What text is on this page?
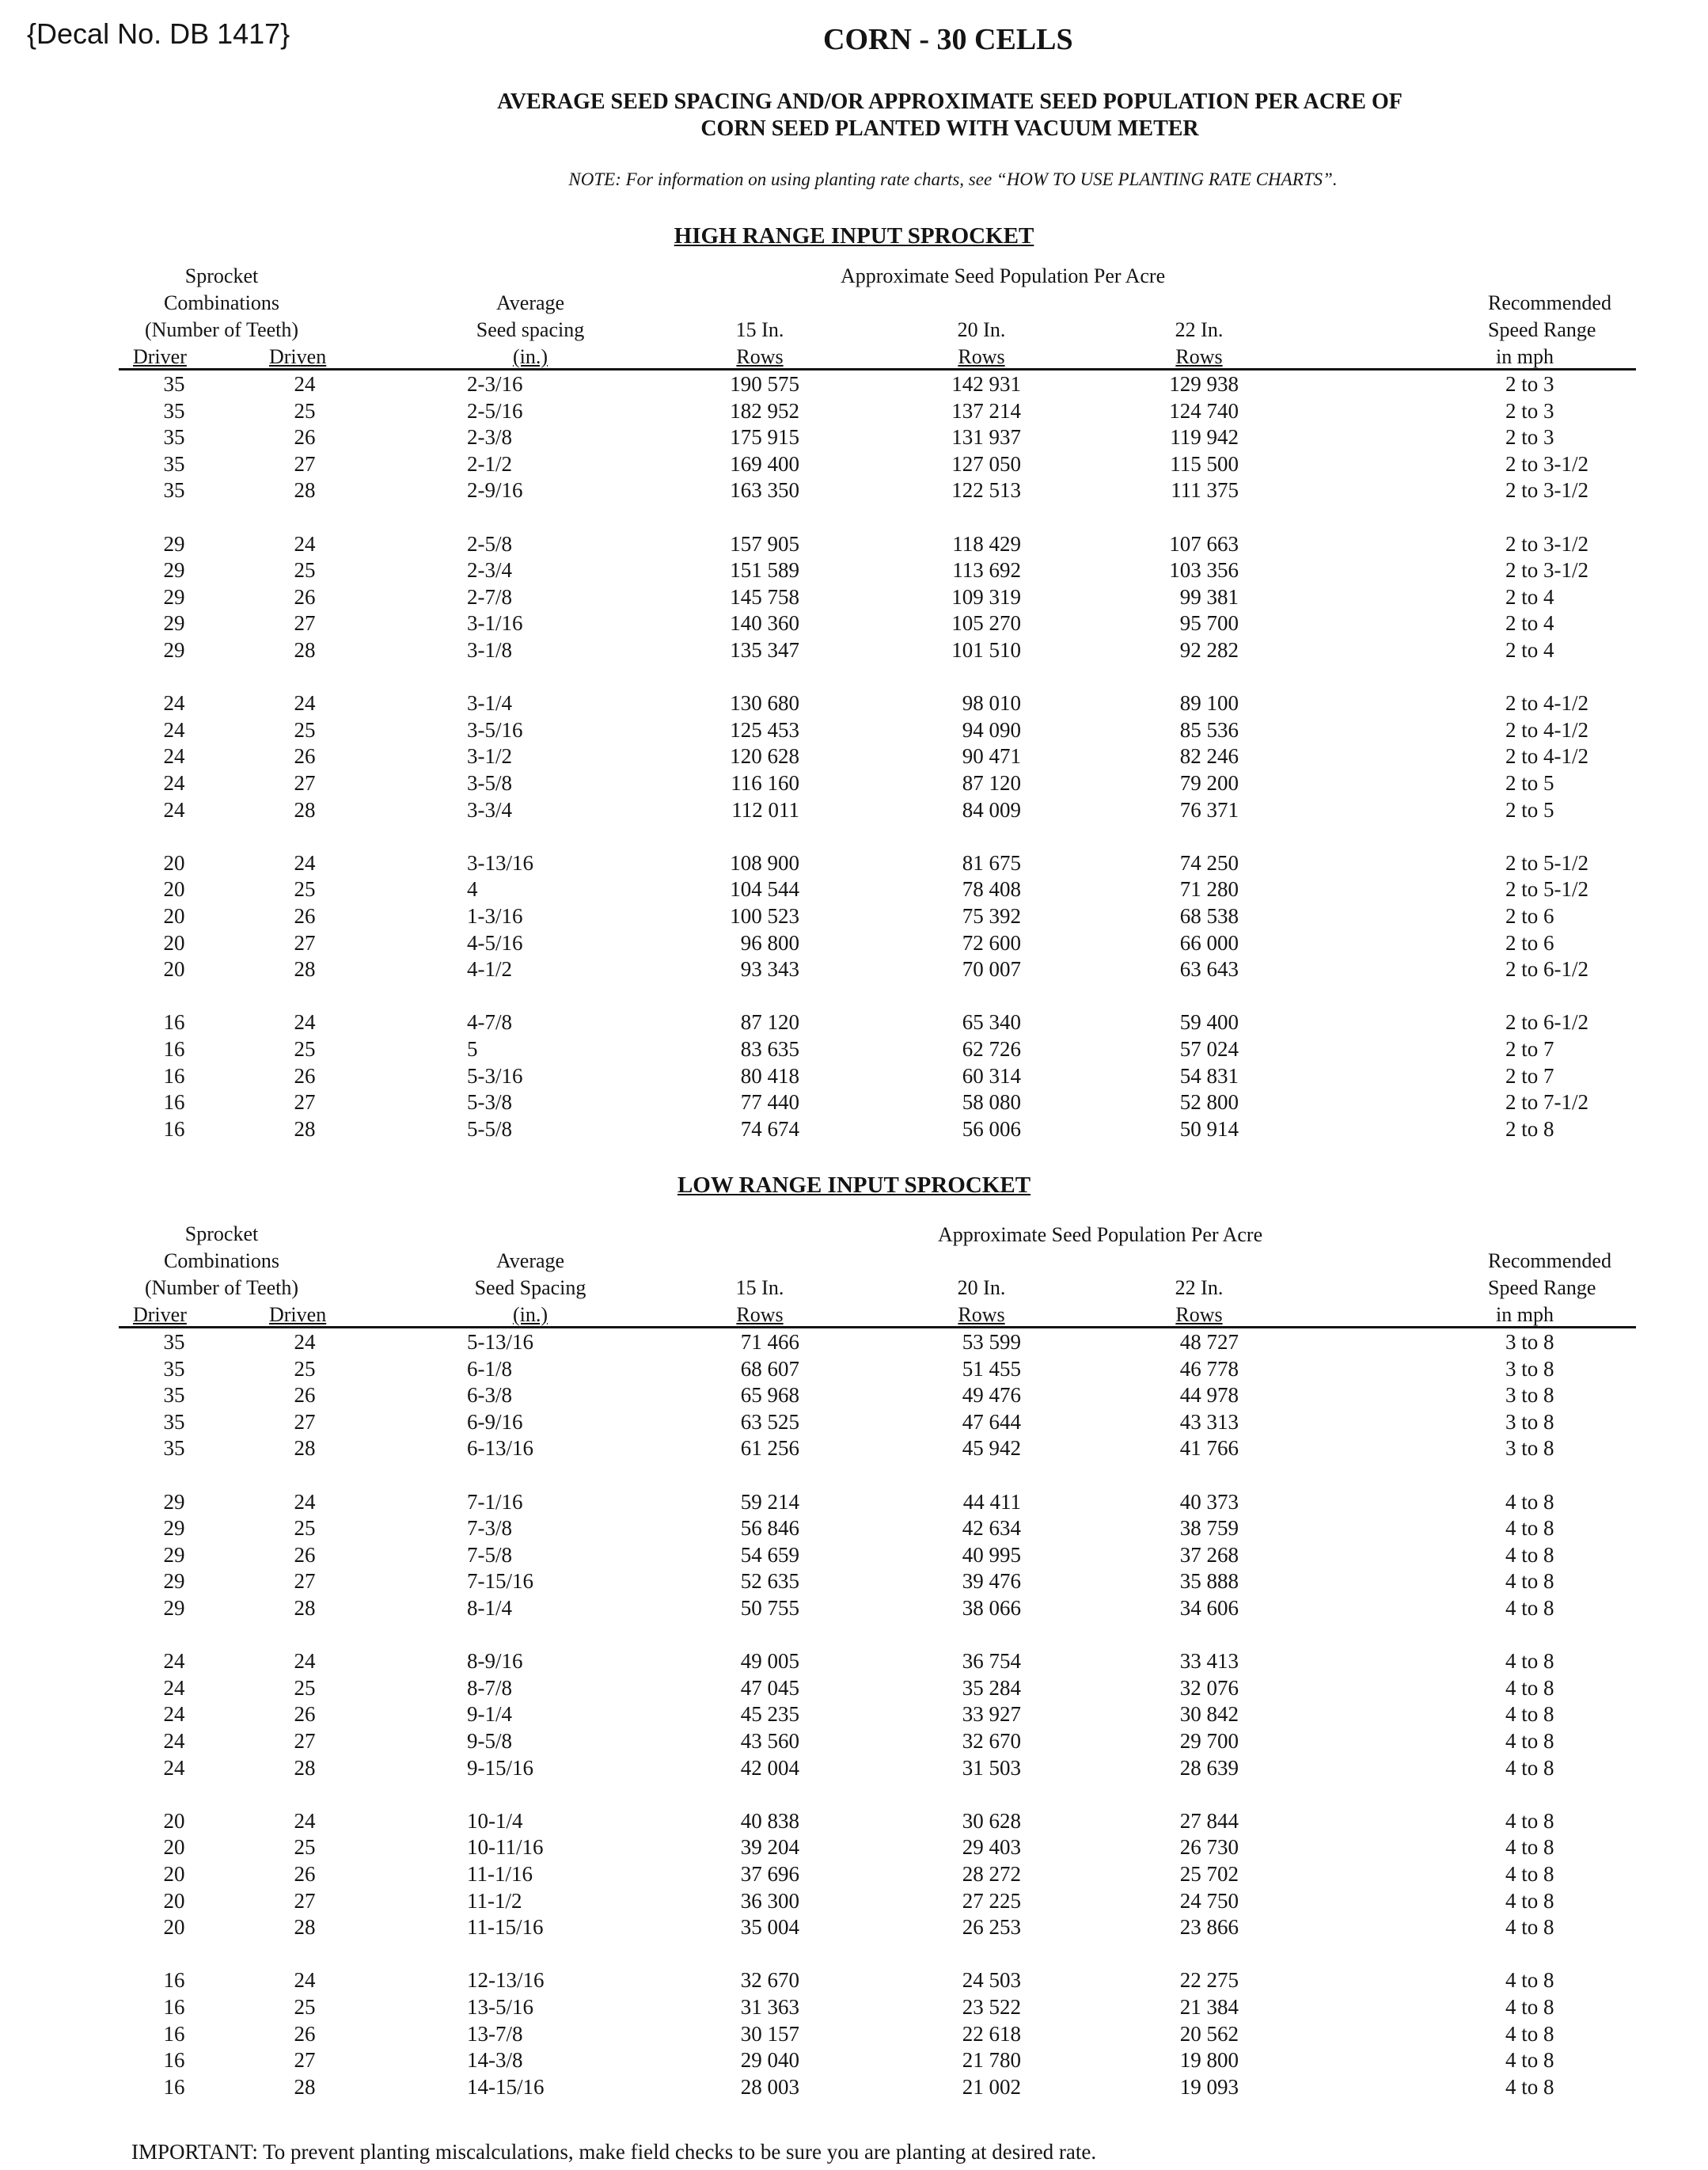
{Decal No. DB 1417}	CORN - 30 CELLS
AVERAGE SEED SPACING AND/OR APPROXIMATE SEED POPULATION PER ACRE OF
CORN SEED PLANTED WITH VACUUM METER
NOTE: For information on using planting rate charts, see “HOW TO USE PLANTING RATE CHARTS”.
HIGH RANGE INPUT SPROCKET
Approximate Seed Population Per Acre
Sprocket
Combinations
(Number of Teeth)
Driver	Driven
Average
Seed spacing
(in.)
15 In.
Rows
20 In.
Rows
22 In.
Rows
Recommended
Speed Range
in mph
35	24	2-3/16	190 575	142 931	129 938	2 to 3
35	25	2-5/16	182 952	137 214	124 740	2 to 3
35	26	2-3/8	175 915	131 937	119 942	2 to 3
35	27	2-1/2	169 400	127 050	115 500	2 to 3-1/2
35	28	2-9/16	163 350	122 513	111 375	2 to 3-1/2
29	24	2-5/8	157 905	118 429	107 663	2 to 3-1/2
29	25	2-3/4	151 589	113 692	103 356	2 to 3-1/2
29	26	2-7/8	145 758	109 319	99 381	2 to 4
29	27	3-1/16	140 360	105 270	95 700	2 to 4
29	28	3-1/8	135 347	101 510	92 282	2 to 4
24	24	3-1/4	130 680	98 010	89 100	2 to 4-1/2
24	25	3-5/16	125 453	94 090	85 536	2 to 4-1/2
24	26	3-1/2	120 628	90 471	82 246	2 to 4-1/2
24	27	3-5/8	116 160	87 120	79 200	2 to 5
24	28	3-3/4	112 011	84 009	76 371	2 to 5
20	24	3-13/16	108 900	81 675	74 250	2 to 5-1/2
20	25	4	104 544	78 408	71 280	2 to 5-1/2
20	26	1-3/16	100 523	75 392	68 538	2 to 6
20	27	4-5/16	96 800	72 600	66 000	2 to 6
20	28	4-1/2	93 343	70 007	63 643	2 to 6-1/2
16	24	4-7/8	87 120	65 340	59 400	2 to 6-1/2
16	25	5	83 635	62 726	57 024	2 to 7
16	26	5-3/16	80 418	60 314	54 831	2 to 7
16	27	5-3/8	77 440	58 080	52 800	2 to 7-1/2
16	28	5-5/8	74 674	56 006	50 914	2 to 8
LOW RANGE INPUT SPROCKET
Approximate Seed Population Per Acre
Sprocket
Combinations
(Number of Teeth)
Driver	Driven
Average
Seed Spacing
(in.)
15 In.
Rows
20 In.
Rows
22 In.
Rows
Recommended
Speed Range
in mph
35	24	5-13/16	71 466	53 599	48 727	3 to 8
35	25	6-1/8	68 607	51 455	46 778	3 to 8
35	26	6-3/8	65 968	49 476	44 978	3 to 8
35	27	6-9/16	63 525	47 644	43 313	3 to 8
35	28	6-13/16	61 256	45 942	41 766	3 to 8
29	24	7-1/16	59 214	44 411	40 373	4 to 8
29	25	7-3/8	56 846	42 634	38 759	4 to 8
29	26	7-5/8	54 659	40 995	37 268	4 to 8
29	27	7-15/16	52 635	39 476	35 888	4 to 8
29	28	8-1/4	50 755	38 066	34 606	4 to 8
24	24	8-9/16	49 005	36 754	33 413	4 to 8
24	25	8-7/8	47 045	35 284	32 076	4 to 8
24	26	9-1/4	45 235	33 927	30 842	4 to 8
24	27	9-5/8	43 560	32 670	29 700	4 to 8
24	28	9-15/16	42 004	31 503	28 639	4 to 8
20	24	10-1/4	40 838	30 628	27 844	4 to 8
20	25	10-11/16	39 204	29 403	26 730	4 to 8
20	26	11-1/16	37 696	28 272	25 702	4 to 8
20	27	11-1/2	36 300	27 225	24 750	4 to 8
20	28	11-15/16	35 004	26 253	23 866	4 to 8
16	24	12-13/16	32 670	24 503	22 275	4 to 8
16	25	13-5/16	31 363	23 522	21 384	4 to 8
16	26	13-7/8	30 157	22 618	20 562	4 to 8
16	27	14-3/8	29 040	21 780	19 800	4 to 8
16	28	14-15/16	28 003	21 002	19 093	4 to 8
IMPORTANT: To prevent planting miscalculations, make field checks to be sure you are planting at desired rate.
